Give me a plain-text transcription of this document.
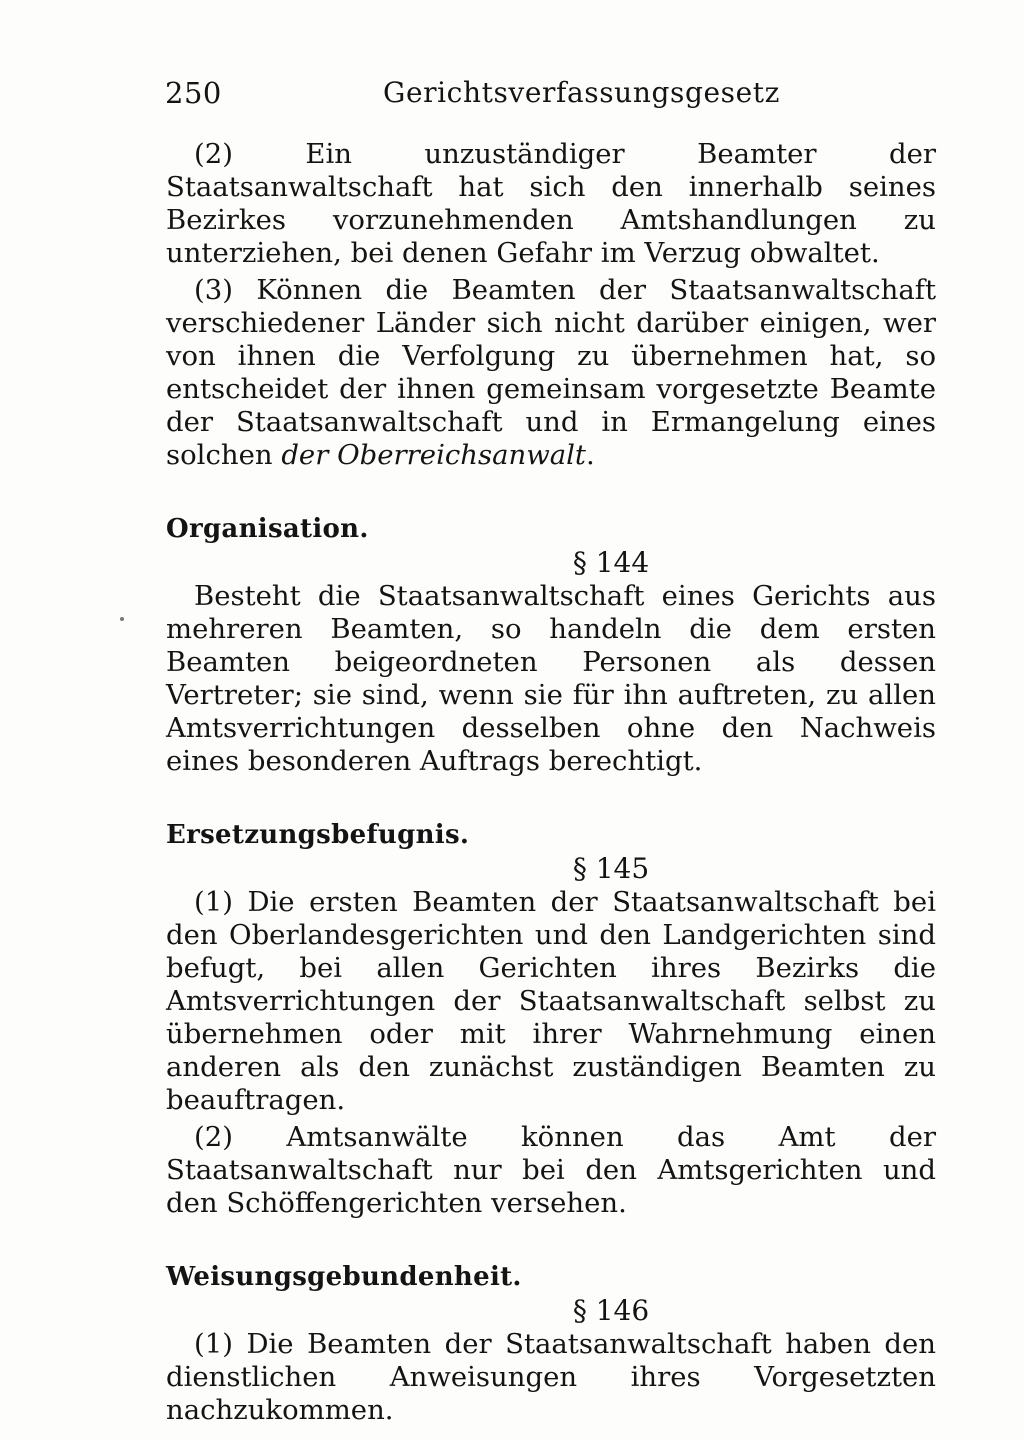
250	Gerichtsverfassungsgesetz

(2) Ein unzuständiger Beamter der Staatsanwaltschaft hat sich den innerhalb seines Bezirkes vorzunehmenden Amtshandlungen zu unterziehen, bei denen Gefahr im Verzug obwaltet.

(3) Können die Beamten der Staatsanwaltschaft verschiedener Länder sich nicht darüber einigen, wer von ihnen die Verfolgung zu übernehmen hat, so entscheidet der ihnen gemeinsam vorgesetzte Beamte der Staatsanwaltschaft und in Ermangelung eines solchen der Oberreichsanwalt.

Organisation.
§ 144

Besteht die Staatsanwaltschaft eines Gerichts aus mehreren Beamten, so handeln die dem ersten Beamten beigeordneten Personen als dessen Vertreter; sie sind, wenn sie für ihn auftreten, zu allen Amtsverrichtungen desselben ohne den Nachweis eines besonderen Auftrags berechtigt.

Ersetzungsbefugnis.
§ 145

(1) Die ersten Beamten der Staatsanwaltschaft bei den Oberlandesgerichten und den Landgerichten sind befugt, bei allen Gerichten ihres Bezirks die Amtsverrichtungen der Staatsanwaltschaft selbst zu übernehmen oder mit ihrer Wahrnehmung einen anderen als den zunächst zuständigen Beamten zu beauftragen.

(2) Amtsanwälte können das Amt der Staatsanwaltschaft nur bei den Amtsgerichten und den Schöffengerichten versehen.

Weisungsgebundenheit.
§ 146

(1) Die Beamten der Staatsanwaltschaft haben den dienstlichen Anweisungen ihres Vorgesetzten nachzukommen.
